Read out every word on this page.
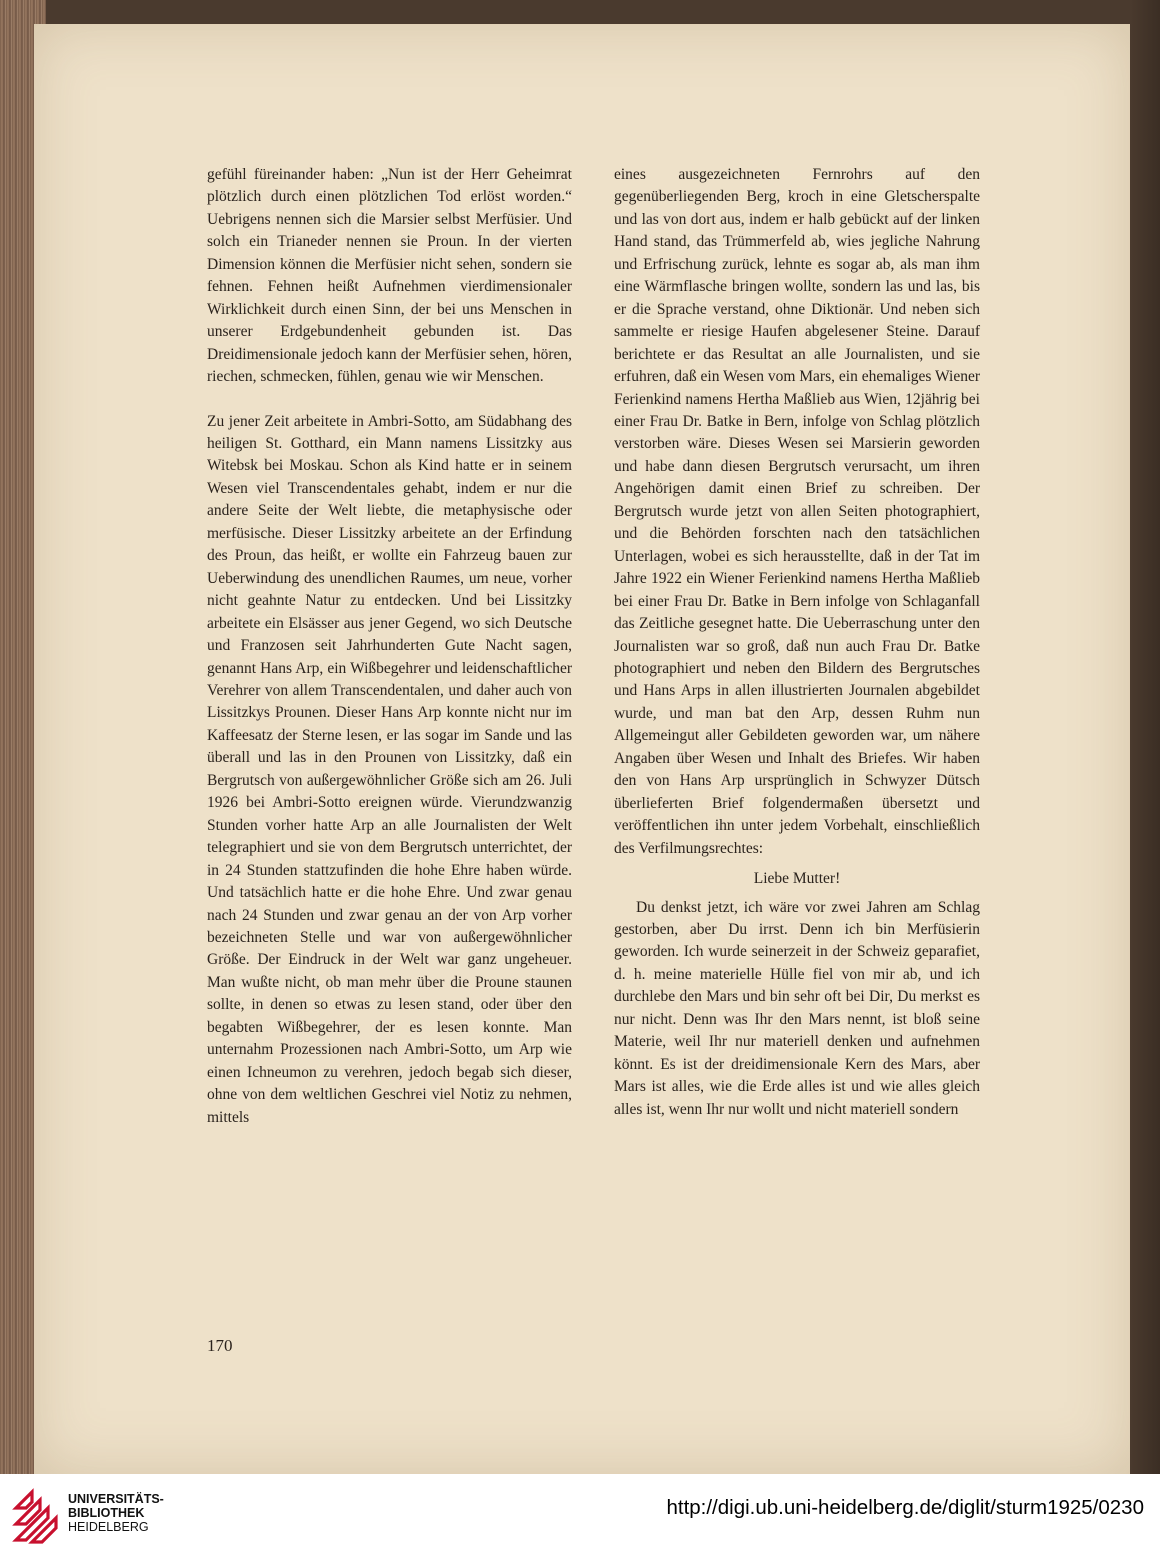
gefühl füreinander haben: „Nun ist der Herr Geheimrat plötzlich durch einen plötzlichen Tod erlöst worden.“ Uebrigens nennen sich die Marsier selbst Merfüsier. Und solch ein Trianeder nennen sie Proun. In der vierten Dimension können die Merfüsier nicht sehen, sondern sie fehnen. Fehnen heißt Aufnehmen vierdimensionaler Wirklichkeit durch einen Sinn, der bei uns Menschen in unserer Erdgebundenheit gebunden ist. Das Dreidimensionale jedoch kann der Merfüsier sehen, hören, riechen, schmecken, fühlen, genau wie wir Menschen.

Zu jener Zeit arbeitete in Ambri-Sotto, am Südabhang des heiligen St. Gotthard, ein Mann namens Lissitzky aus Witebsk bei Moskau. Schon als Kind hatte er in seinem Wesen viel Transcendentales gehabt, indem er nur die andere Seite der Welt liebte, die metaphysische oder merfüsische. Dieser Lissitzky arbeitete an der Erfindung des Proun, das heißt, er wollte ein Fahrzeug bauen zur Ueberwindung des unendlichen Raumes, um neue, vorher nicht geahnte Natur zu entdecken. Und bei Lissitzky arbeitete ein Elsässer aus jener Gegend, wo sich Deutsche und Franzosen seit Jahrhunderten Gute Nacht sagen, genannt Hans Arp, ein Wißbegehrer und leidenschaftlicher Verehrer von allem Transcendentalen, und daher auch von Lissitzkys Prounen. Dieser Hans Arp konnte nicht nur im Kaffeesatz der Sterne lesen, er las sogar im Sande und las überall und las in den Prounen von Lissitzky, daß ein Bergrutsch von außergewöhnlicher Größe sich am 26. Juli 1926 bei Ambri-Sotto ereignen würde. Vierundzwanzig Stunden vorher hatte Arp an alle Journalisten der Welt telegraphiert und sie von dem Bergrutsch unterrichtet, der in 24 Stunden stattzufinden die hohe Ehre haben würde. Und tatsächlich hatte er die hohe Ehre. Und zwar genau nach 24 Stunden und zwar genau an der von Arp vorher bezeichneten Stelle und war von außergewöhnlicher Größe. Der Eindruck in der Welt war ganz ungeheuer. Man wußte nicht, ob man mehr über die Proune staunen sollte, in denen so etwas zu lesen stand, oder über den begabten Wißbegehrer, der es lesen konnte. Man unternahm Prozessionen nach Ambri-Sotto, um Arp wie einen Ichneumon zu verehren, jedoch begab sich dieser, ohne von dem weltlichen Geschrei viel Notiz zu nehmen, mittels

eines ausgezeichneten Fernrohrs auf den gegenüberliegenden Berg, kroch in eine Gletscherspalte und las von dort aus, indem er halb gebückt auf der linken Hand stand, das Trümmerfeld ab, wies jegliche Nahrung und Erfrischung zurück, lehnte es sogar ab, als man ihm eine Wärmflasche bringen wollte, sondern las und las, bis er die Sprache verstand, ohne Diktionär. Und neben sich sammelte er riesige Haufen abgelesener Steine. Darauf berichtete er das Resultat an alle Journalisten, und sie erfuhren, daß ein Wesen vom Mars, ein ehemaliges Wiener Ferienkind namens Hertha Maßlieb aus Wien, 12jährig bei einer Frau Dr. Batke in Bern, infolge von Schlag plötzlich verstorben wäre. Dieses Wesen sei Marsierin geworden und habe dann diesen Bergrutsch verursacht, um ihren Angehörigen damit einen Brief zu schreiben. Der Bergrutsch wurde jetzt von allen Seiten photographiert, und die Behörden forschten nach den tatsächlichen Unterlagen, wobei es sich herausstellte, daß in der Tat im Jahre 1922 ein Wiener Ferienkind namens Hertha Maßlieb bei einer Frau Dr. Batke in Bern infolge von Schlaganfall das Zeitliche gesegnet hatte. Die Ueberraschung unter den Journalisten war so groß, daß nun auch Frau Dr. Batke photographiert und neben den Bildern des Bergrutsches und Hans Arps in allen illustrierten Journalen abgebildet wurde, und man bat den Arp, dessen Ruhm nun Allgemeingut aller Gebildeten geworden war, um nähere Angaben über Wesen und Inhalt des Briefes. Wir haben den von Hans Arp ursprünglich in Schwyzer Dütsch überlieferten Brief folgendermaßen übersetzt und veröffentlichen ihn unter jedem Vorbehalt, einschließlich des Verfilmungsrechtes:

Liebe Mutter!

Du denkst jetzt, ich wäre vor zwei Jahren am Schlag gestorben, aber Du irrst. Denn ich bin Merfüsierin geworden. Ich wurde seinerzeit in der Schweiz geparafiet, d. h. meine materielle Hülle fiel von mir ab, und ich durchlebe den Mars und bin sehr oft bei Dir, Du merkst es nur nicht. Denn was Ihr den Mars nennt, ist bloß seine Materie, weil Ihr nur materiell denken und aufnehmen könnt. Es ist der dreidimensionale Kern des Mars, aber Mars ist alles, wie die Erde alles ist und wie alles gleich alles ist, wenn Ihr nur wollt und nicht materiell sondern

170
UNIVERSITÄTS-
BIBLIOTHEK
HEIDELBERG
http://digi.ub.uni-heidelberg.de/diglit/sturm1925/0230
